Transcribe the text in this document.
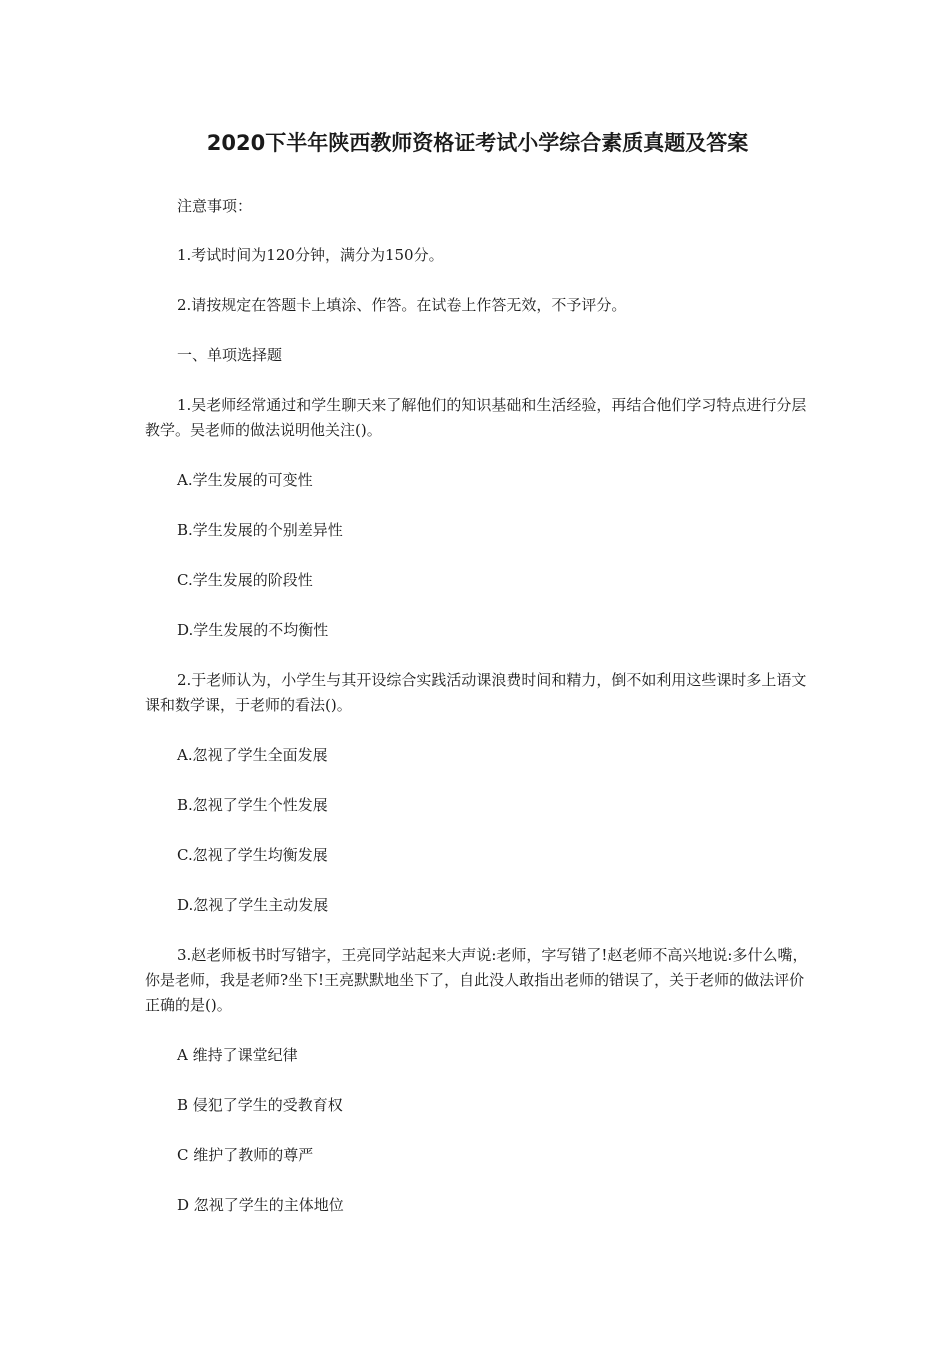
2020下半年陕西教师资格证考试小学综合素质真题及答案

注意事项：

1.考试时间为120分钟，满分为150分。

2.请按规定在答题卡上填涂、作答。在试卷上作答无效，不予评分。

一、单项选择题

1.吴老师经常通过和学生聊天来了解他们的知识基础和生活经验，再结合他们学习特点进行分层教学。吴老师的做法说明他关注()。

A.学生发展的可变性

B.学生发展的个别差异性

C.学生发展的阶段性

D.学生发展的不均衡性

2.于老师认为，小学生与其开设综合实践活动课浪费时间和精力，倒不如利用这些课时多上语文课和数学课，于老师的看法()。

A.忽视了学生全面发展

B.忽视了学生个性发展

C.忽视了学生均衡发展

D.忽视了学生主动发展

3.赵老师板书时写错字，王亮同学站起来大声说:老师，字写错了!赵老师不高兴地说:多什么嘴，你是老师，我是老师?坐下!王亮默默地坐下了，自此没人敢指出老师的错误了，关于老师的做法评价正确的是()。

A 维持了课堂纪律

B 侵犯了学生的受教育权

C 维护了教师的尊严

D 忽视了学生的主体地位
